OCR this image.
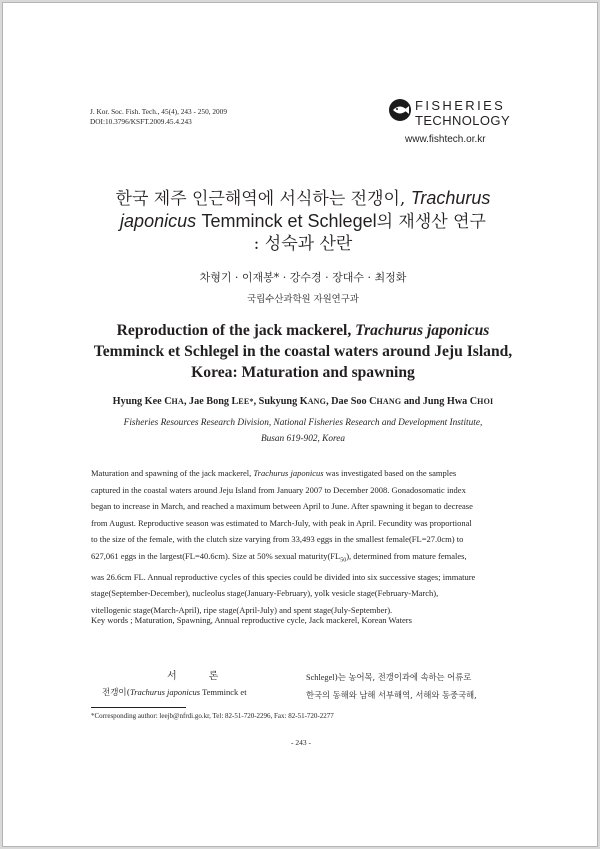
J. Kor. Soc. Fish. Tech., 45(4), 243 - 250, 2009
DOI:10.3796/KSFT.2009.45.4.243
FISHERIES
TECHNOLOGY
www.fishtech.or.kr
한국 제주 인근해역에 서식하는 전갱이, Trachurus
japonicus Temminck et Schlegel의 재생산 연구
: 성숙과 산란
차형기 · 이재봉* · 강수경 · 장대수 · 최정화
국립수산과학원 자원연구과
Reproduction of the jack mackerel, Trachurus japonicus
Temminck et Schlegel in the coastal waters around Jeju Island,
Korea: Maturation and spawning
Hyung Kee CHA, Jae Bong LEE*, Sukyung KANG, Dae Soo CHANG and Jung Hwa CHOI
Fisheries Resources Research Division, National Fisheries Research and Development Institute,
Busan 619-902, Korea
Maturation and spawning of the jack mackerel, Trachurus japonicus was investigated based on the samples
captured in the coastal waters around Jeju Island from January 2007 to December 2008. Gonadosomatic index
began to increase in March, and reached a maximum between April to June. After spawning it began to decrease
from August. Reproductive season was estimated to March-July, with peak in April. Fecundity was proportional
to the size of the female, with the clutch size varying from 33,493 eggs in the smallest female(FL=27.0cm) to
627,061 eggs in the largest(FL=40.6cm). Size at 50% sexual $maturity(FL_{50})$, determined from mature females,
was 26.6cm FL. Annual reproductive cycles of this species could be divided into six successive stages; immature
stage(September-December), nucleolus stage(January-February), yolk vesicle stage(February-March),
vitellogenic stage(March-April), ripe stage(April-July) and spent stage(July-September).
Key words ; Maturation, Spawning, Annual reproductive cycle, Jack mackerel, Korean Waters
서	론
전갱이(Trachurus japonicus Temminck et
Schlegel)는 농어목, 전갱이과에 속하는 어류로
한국의 동해와 남해 서부해역, 서해와 동중국해,
*Corresponding author: leejb@nfrdi.go.kr, Tel: 82-51-720-2296, Fax: 82-51-720-2277
- 243 -
